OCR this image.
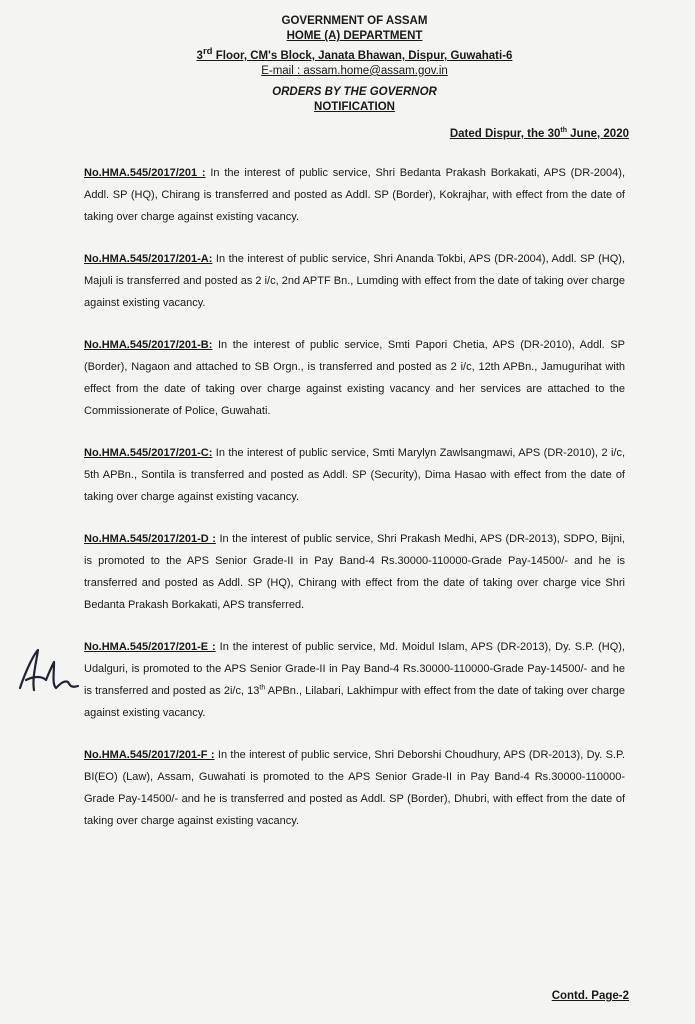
GOVERNMENT OF ASSAM
HOME (A) DEPARTMENT
3rd Floor, CM's Block, Janata Bhawan, Dispur, Guwahati-6
E-mail : assam.home@assam.gov.in
ORDERS BY THE GOVERNOR
NOTIFICATION
Dated Dispur, the 30th June, 2020

No.HMA.545/2017/201 : In the interest of public service, Shri Bedanta Prakash Borkakati, APS (DR-2004), Addl. SP (HQ), Chirang is transferred and posted as Addl. SP (Border), Kokrajhar, with effect from the date of taking over charge against existing vacancy.

No.HMA.545/2017/201-A: In the interest of public service, Shri Ananda Tokbi, APS (DR-2004), Addl. SP (HQ), Majuli is transferred and posted as 2 i/c, 2nd APTF Bn., Lumding with effect from the date of taking over charge against existing vacancy.

No.HMA.545/2017/201-B: In the interest of public service, Smti Papori Chetia, APS (DR-2010), Addl. SP (Border), Nagaon and attached to SB Orgn., is transferred and posted as 2 i/c, 12th APBn., Jamugurihat with effect from the date of taking over charge against existing vacancy and her services are attached to the Commissionerate of Police, Guwahati.

No.HMA.545/2017/201-C: In the interest of public service, Smti Marylyn Zawlsangmawi, APS (DR-2010), 2 i/c, 5th APBn., Sontila is transferred and posted as Addl. SP (Security), Dima Hasao with effect from the date of taking over charge against existing vacancy.

No.HMA.545/2017/201-D : In the interest of public service, Shri Prakash Medhi, APS (DR-2013), SDPO, Bijni, is promoted to the APS Senior Grade-II in Pay Band-4 Rs.30000-110000-Grade Pay-14500/- and he is transferred and posted as Addl. SP (HQ), Chirang with effect from the date of taking over charge vice Shri Bedanta Prakash Borkakati, APS transferred.

No.HMA.545/2017/201-E : In the interest of public service, Md. Moidul Islam, APS (DR-2013), Dy. S.P. (HQ), Udalguri, is promoted to the APS Senior Grade-II in Pay Band-4 Rs.30000-110000-Grade Pay-14500/- and he is transferred and posted as 2i/c, 13th APBn., Lilabari, Lakhimpur with effect from the date of taking over charge against existing vacancy.

No.HMA.545/2017/201-F : In the interest of public service, Shri Deborshi Choudhury, APS (DR-2013), Dy. S.P. BI(EO) (Law), Assam, Guwahati is promoted to the APS Senior Grade-II in Pay Band-4 Rs.30000-110000-Grade Pay-14500/- and he is transferred and posted as Addl. SP (Border), Dhubri, with effect from the date of taking over charge against existing vacancy.

Contd. Page-2
